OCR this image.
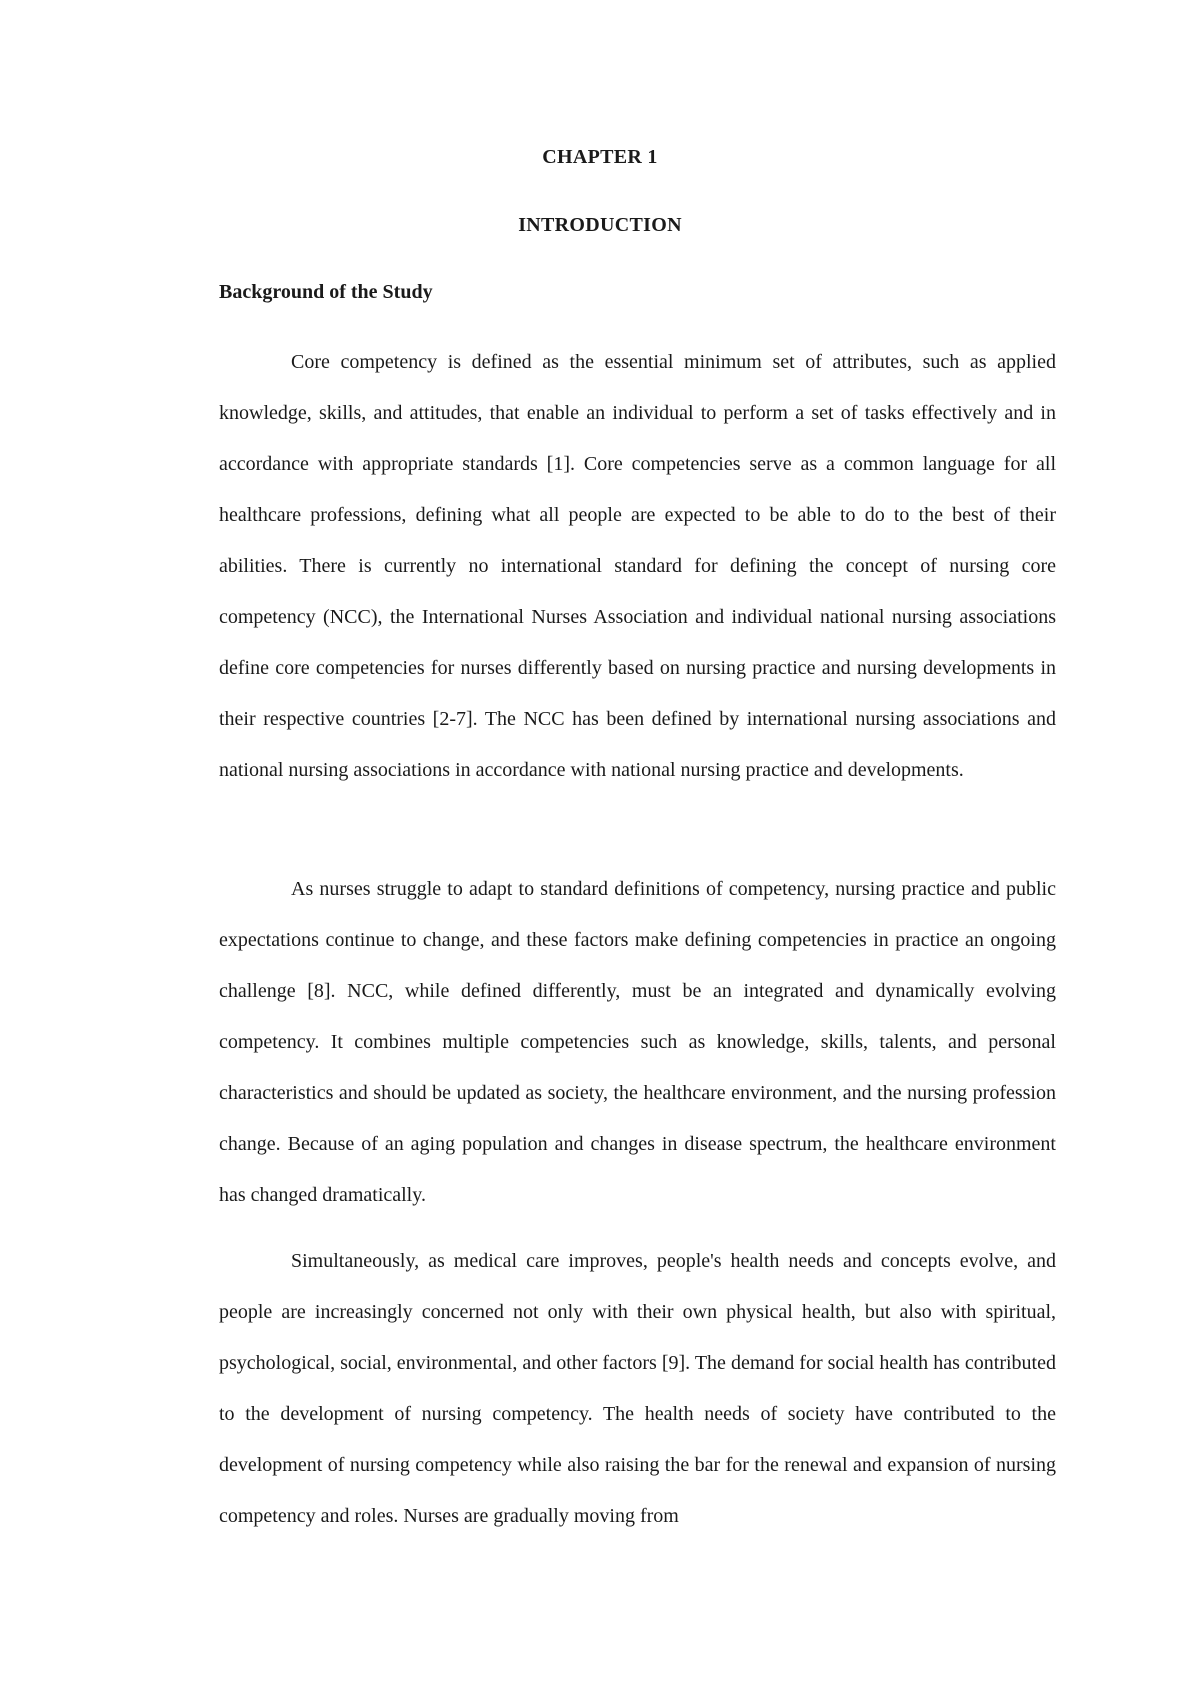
CHAPTER 1
INTRODUCTION
Background of the Study

Core competency is defined as the essential minimum set of attributes, such as applied knowledge, skills, and attitudes, that enable an individual to perform a set of tasks effectively and in accordance with appropriate standards [1]. Core competencies serve as a common language for all healthcare professions, defining what all people are expected to be able to do to the best of their abilities. There is currently no international standard for defining the concept of nursing core competency (NCC), the International Nurses Association and individual national nursing associations define core competencies for nurses differently based on nursing practice and nursing developments in their respective countries [2-7]. The NCC has been defined by international nursing associations and national nursing associations in accordance with national nursing practice and developments.

As nurses struggle to adapt to standard definitions of competency, nursing practice and public expectations continue to change, and these factors make defining competencies in practice an ongoing challenge [8]. NCC, while defined differently, must be an integrated and dynamically evolving competency. It combines multiple competencies such as knowledge, skills, talents, and personal characteristics and should be updated as society, the healthcare environment, and the nursing profession change. Because of an aging population and changes in disease spectrum, the healthcare environment has changed dramatically.

Simultaneously, as medical care improves, people's health needs and concepts evolve, and people are increasingly concerned not only with their own physical health, but also with spiritual, psychological, social, environmental, and other factors [9]. The demand for social health has contributed to the development of nursing competency. The health needs of society have contributed to the development of nursing competency while also raising the bar for the renewal and expansion of nursing competency and roles. Nurses are gradually moving from
